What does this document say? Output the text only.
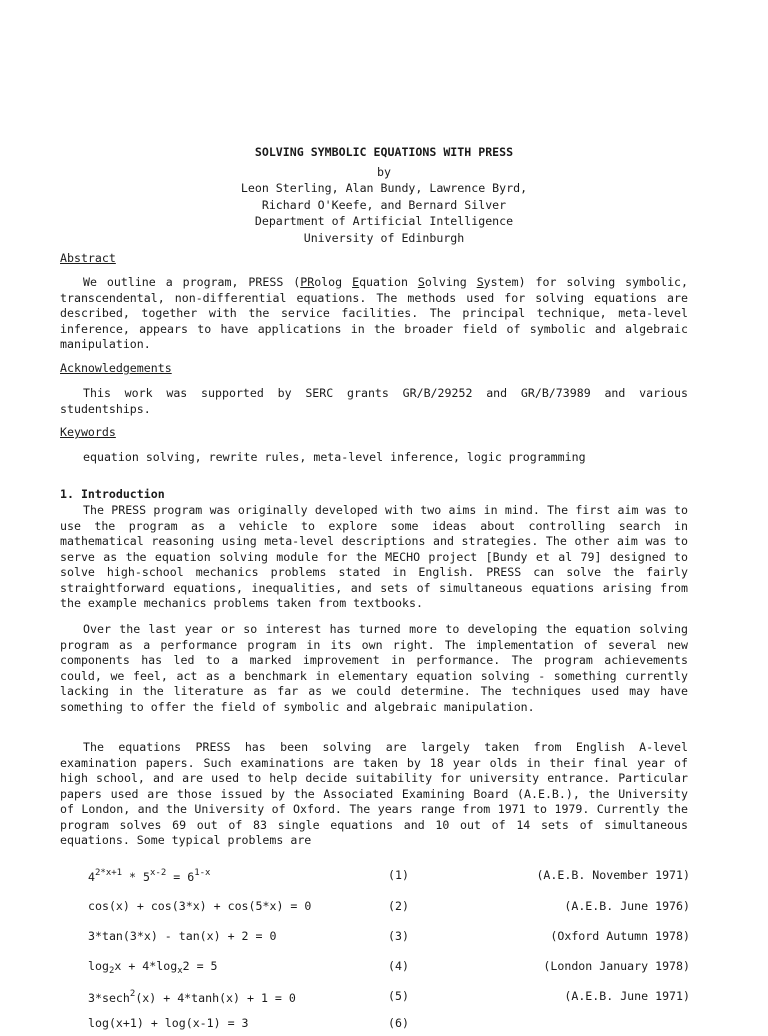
SOLVING SYMBOLIC EQUATIONS WITH PRESS
by
Leon Sterling, Alan Bundy, Lawrence Byrd,
Richard O'Keefe, and Bernard Silver
Department of Artificial Intelligence
University of Edinburgh
Abstract

We outline a program, PRESS (PRolog Equation Solving System) for solving symbolic, transcendental, non-differential equations. The methods used for solving equations are described, together with the service facilities. The principal technique, meta-level inference, appears to have applications in the broader field of symbolic and algebraic manipulation.

Acknowledgements

This work was supported by SERC grants GR/B/29252 and GR/B/73989 and various studentships.

Keywords
equation solving, rewrite rules, meta-level inference, logic programming
1. Introduction

The PRESS program was originally developed with two aims in mind. The first aim was to use the program as a vehicle to explore some ideas about controlling search in mathematical reasoning using meta-level descriptions and strategies. The other aim was to serve as the equation solving module for the MECHO project [Bundy et al 79] designed to solve high-school mechanics problems stated in English. PRESS can solve the fairly straightforward equations, inequalities, and sets of simultaneous equations arising from the example mechanics problems taken from textbooks.

Over the last year or so interest has turned more to developing the equation solving program as a performance program in its own right. The implementation of several new components has led to a marked improvement in performance. The program achievements could, we feel, act as a benchmark in elementary equation solving - something currently lacking in the literature as far as we could determine. The techniques used may have something to offer the field of symbolic and algebraic manipulation.

The equations PRESS has been solving are largely taken from English A-level examination papers. Such examinations are taken by 18 year olds in their final year of high school, and are used to help decide suitability for university entrance. Particular papers used are those issued by the Associated Examining Board (A.E.B.), the University of London, and the University of Oxford. The years range from 1971 to 1979. Currently the program solves 69 out of 83 single equations and 10 out of 14 sets of simultaneous equations. Some typical problems are

$4^{2*x+1} * 5^{x-2} = 6^{1-x}$	(1)	(A.E.B. November 1971)
cos(x) + cos(3*x) + cos(5*x) = 0	(2)	(A.E.B. June 1976)
3*tan(3*x) - tan(x) + 2 = 0	(3)	(Oxford Autumn 1978)
$\log_2x + 4*\log_x2 = 5$	(4)	(London January 1978)
3*sech$^2$(x) + 4*tanh(x) + 1 = 0	(5)	(A.E.B. June 1971)
log(x+1) + log(x-1) = 3	(6)
